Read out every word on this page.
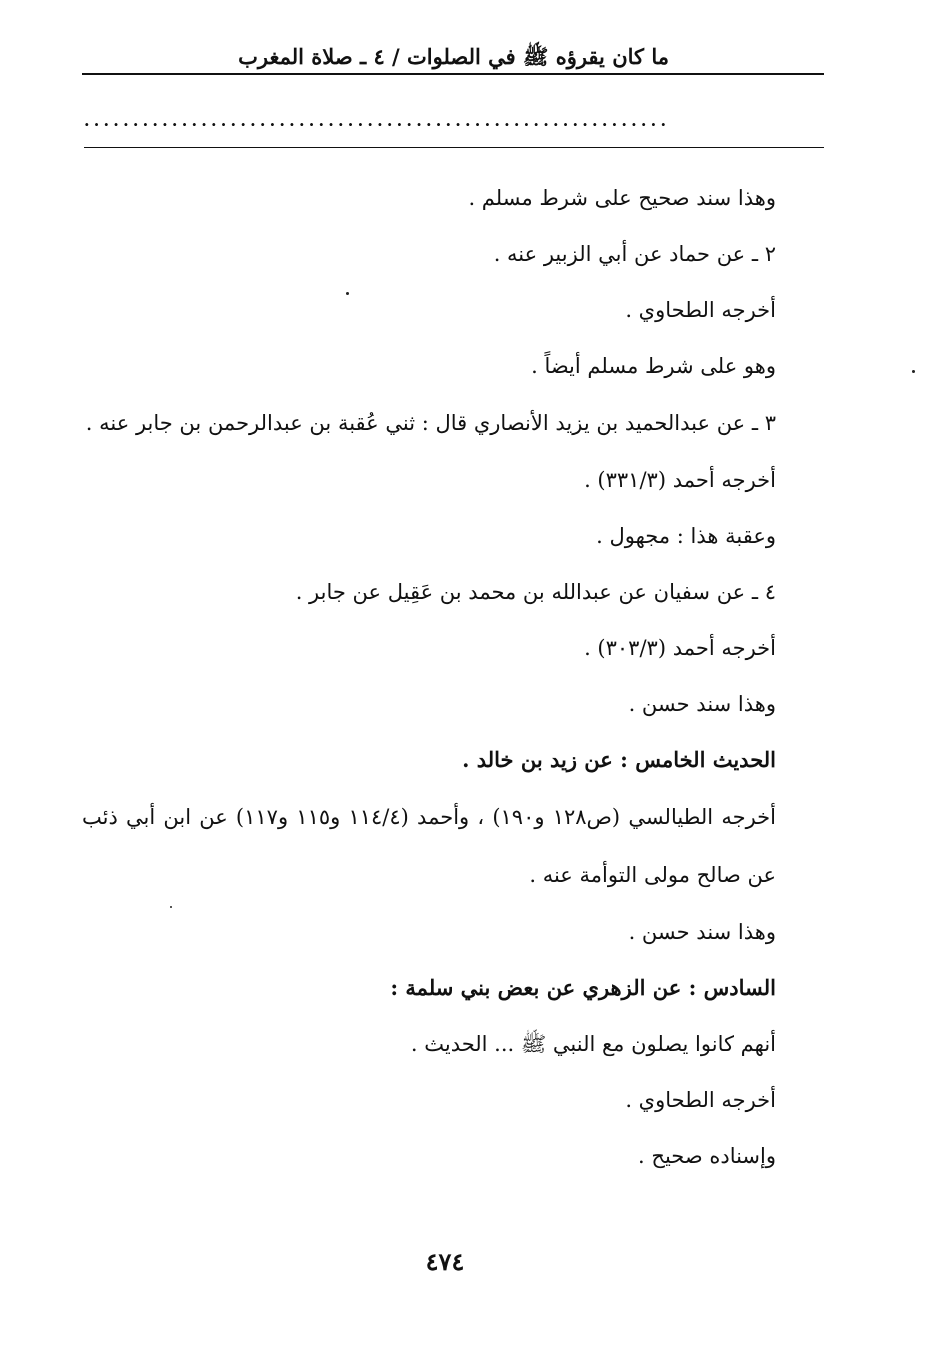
ما كان يقرؤه ﷺ في الصلوات / ٤ ـ صلاة المغرب
............................................................

وهذا سند صحيح على شرط مسلم .

٢ ـ عن حماد عن أبي الزبير عنه .

أخرجه الطحاوي .

وهو على شرط مسلم أيضاً .

٣ ـ عن عبدالحميد بن يزيد الأنصاري قال : ثني عُقبة بن عبدالرحمن بن جابر عنه .

أخرجه أحمد (٣٣١/٣) .

وعقبة هذا : مجهول .

٤ ـ عن سفيان عن عبدالله بن محمد بن عَقِيل عن جابر .

أخرجه أحمد (٣٠٣/٣) .

وهذا سند حسن .

الحديث الخامس : عن زيد بن خالد .

أخرجه الطيالسي (ص١٢٨ و١٩٠) ، وأحمد (١١٤/٤ و١١٥ و١١٧) عن ابن أبي ذئب عن صالح مولى التوأمة عنه .

وهذا سند حسن .

السادس : عن الزهري عن بعض بني سلمة :

أنهم كانوا يصلون مع النبي ﷺ ... الحديث .

أخرجه الطحاوي .

وإسناده صحيح .

٤٧٤
